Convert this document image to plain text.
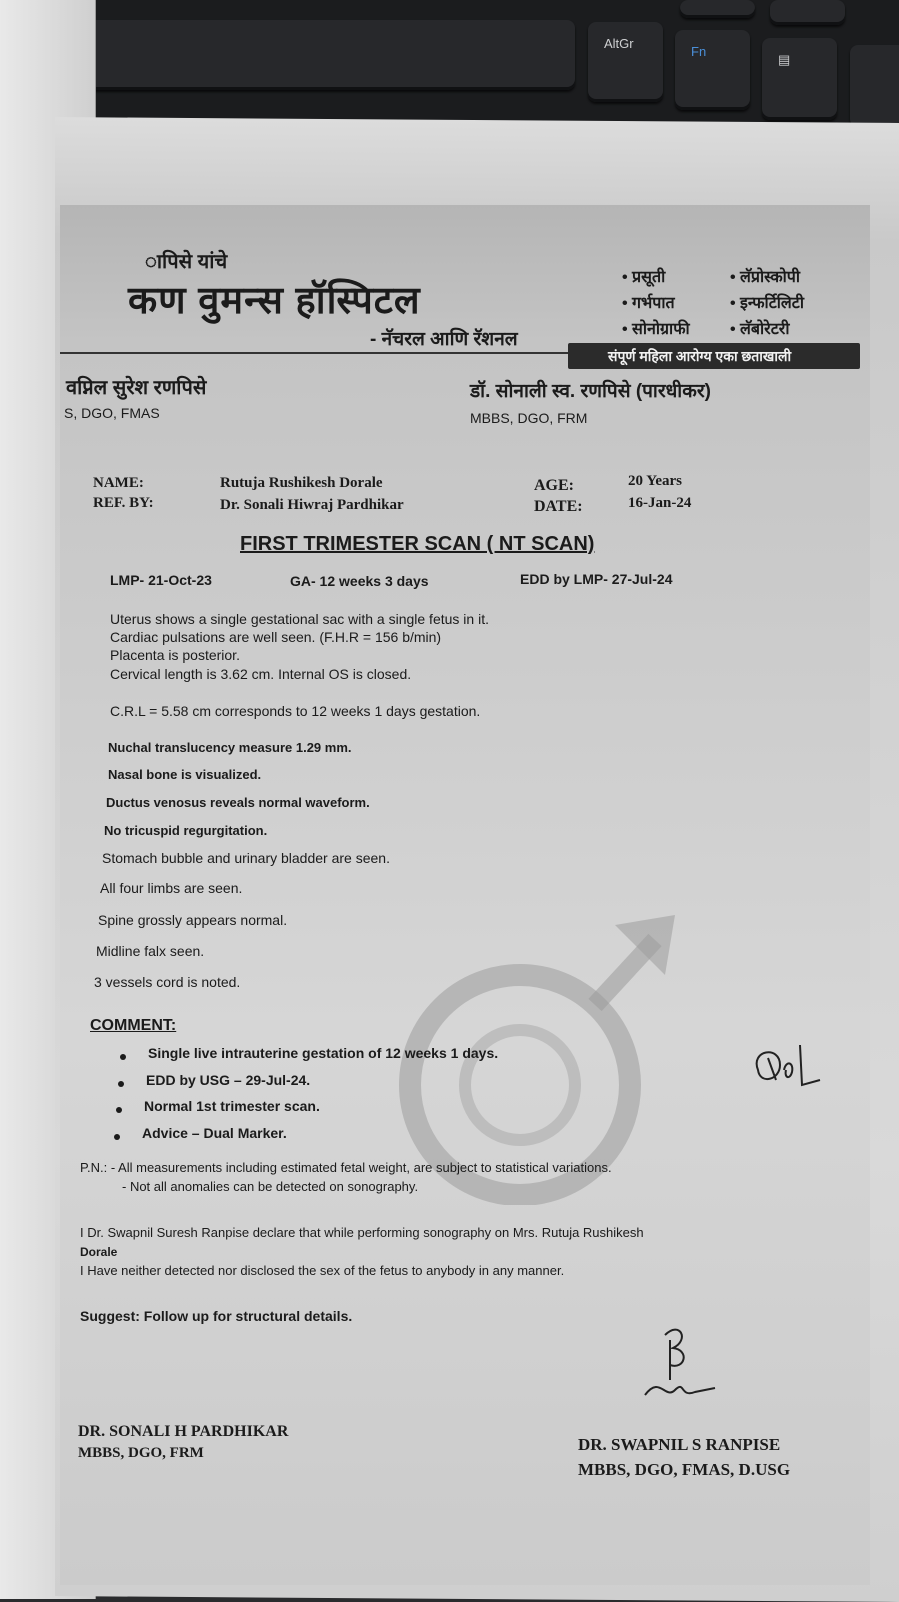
AltGr
Fn
▤
ापिसे यांचे
कण वुमन्स हॉस्पिटल
- नॅचरल आणि रॅशनल
• प्रसूती	• लॅप्रोस्कोपी
• गर्भपात	• इन्फर्टिलिटी
• सोनोग्राफी	• लॅबोरेटरी
संपूर्ण महिला आरोग्य एका छताखाली
वप्निल सुरेश रणपिसे
S, DGO, FMAS
डॉ. सोनाली स्व. रणपिसे (पारधीकर)
MBBS, DGO, FRM
NAME:	Rutuja Rushikesh Dorale
REF. BY:	Dr. Sonali Hiwraj Pardhikar
AGE:	20 Years
DATE:	16-Jan-24
FIRST TRIMESTER SCAN ( NT SCAN)
LMP- 21-Oct-23	GA- 12 weeks 3 days	EDD by LMP- 27-Jul-24
Uterus shows a single gestational sac with a single fetus in it.
Cardiac pulsations are well seen. (F.H.R = 156 b/min)
Placenta is posterior.
Cervical length is 3.62 cm. Internal OS is closed.
C.R.L = 5.58 cm corresponds to 12 weeks 1 days gestation.
Nuchal translucency measure 1.29 mm.
Nasal bone is visualized.
Ductus venosus reveals normal waveform.
No tricuspid regurgitation.
Stomach bubble and urinary bladder are seen.
All four limbs are seen.
Spine grossly appears normal.
Midline falx seen.
3 vessels cord is noted.
COMMENT:
Single live intrauterine gestation of 12 weeks 1 days.
EDD by USG – 29-Jul-24.
Normal 1st trimester scan.
Advice – Dual Marker.
P.N.: - All measurements including estimated fetal weight, are subject to statistical variations.
- Not all anomalies can be detected on sonography.
I Dr. Swapnil Suresh Ranpise declare that while performing sonography on Mrs. Rutuja Rushikesh
Dorale
I Have neither detected nor disclosed the sex of the fetus to anybody in any manner.
Suggest: Follow up for structural details.
DR. SONALI H PARDHIKAR
MBBS, DGO, FRM	DR. SWAPNIL S RANPISE
MBBS, DGO, FMAS, D.USG
